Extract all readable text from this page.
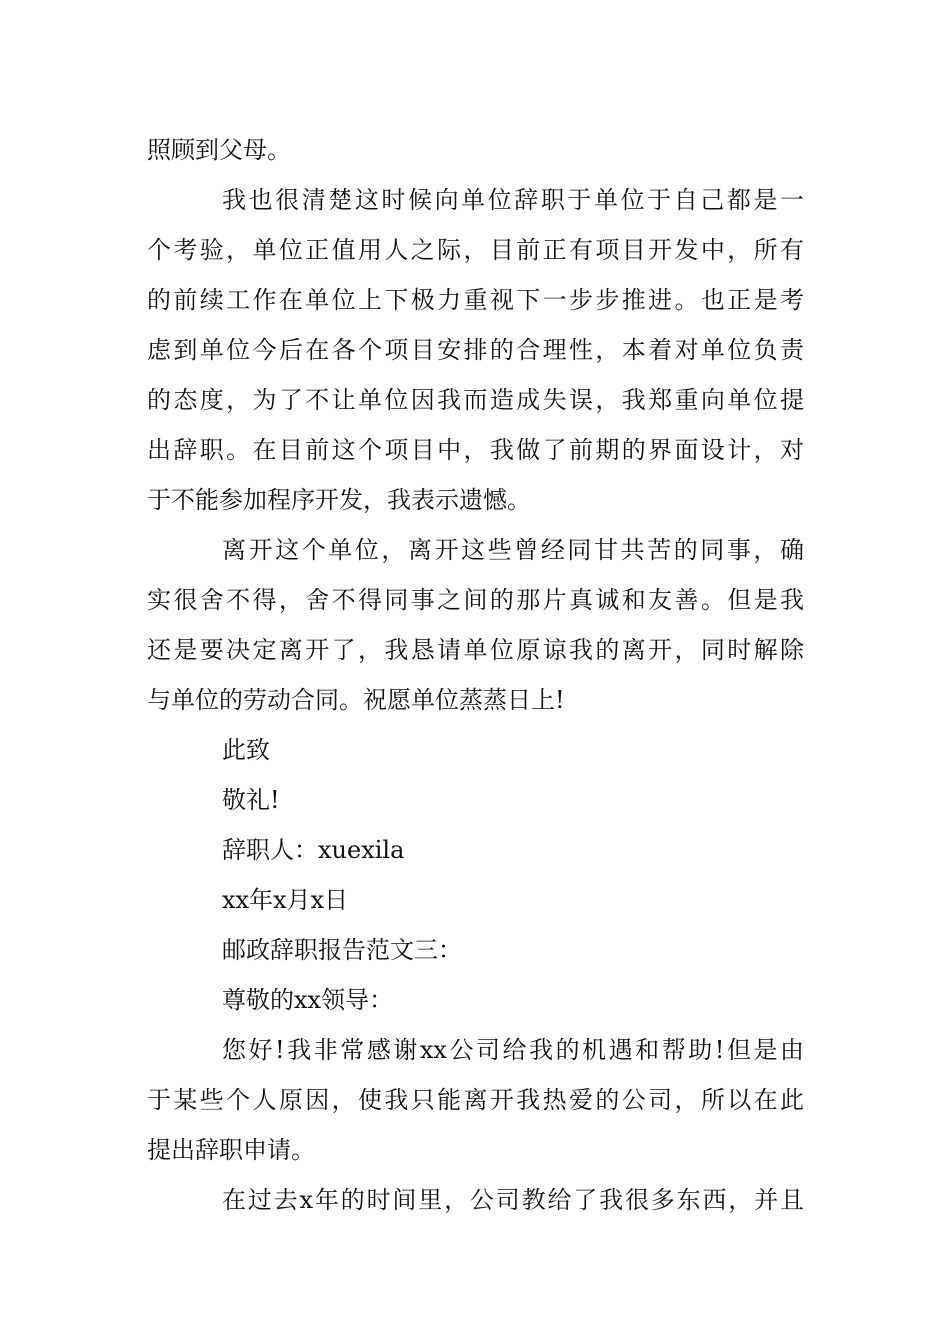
照顾到父母。
我也很清楚这时候向单位辞职于单位于自己都是一
个考验，单位正值用人之际，目前正有项目开发中，所有
的前续工作在单位上下极力重视下一步步推进。也正是考
虑到单位今后在各个项目安排的合理性，本着对单位负责
的态度，为了不让单位因我而造成失误，我郑重向单位提
出辞职。在目前这个项目中，我做了前期的界面设计，对
于不能参加程序开发，我表示遗憾。
离开这个单位，离开这些曾经同甘共苦的同事，确
实很舍不得，舍不得同事之间的那片真诚和友善。但是我
还是要决定离开了，我恳请单位原谅我的离开，同时解除
与单位的劳动合同。祝愿单位蒸蒸日上!
此致
敬礼!
辞职人：xuexila
xx年x月x日
邮政辞职报告范文三：
尊敬的xx领导：
您好!我非常感谢xx公司给我的机遇和帮助!但是由
于某些个人原因，使我只能离开我热爱的公司，所以在此
提出辞职申请。
在过去x年的时间里，公司教给了我很多东西，并且
